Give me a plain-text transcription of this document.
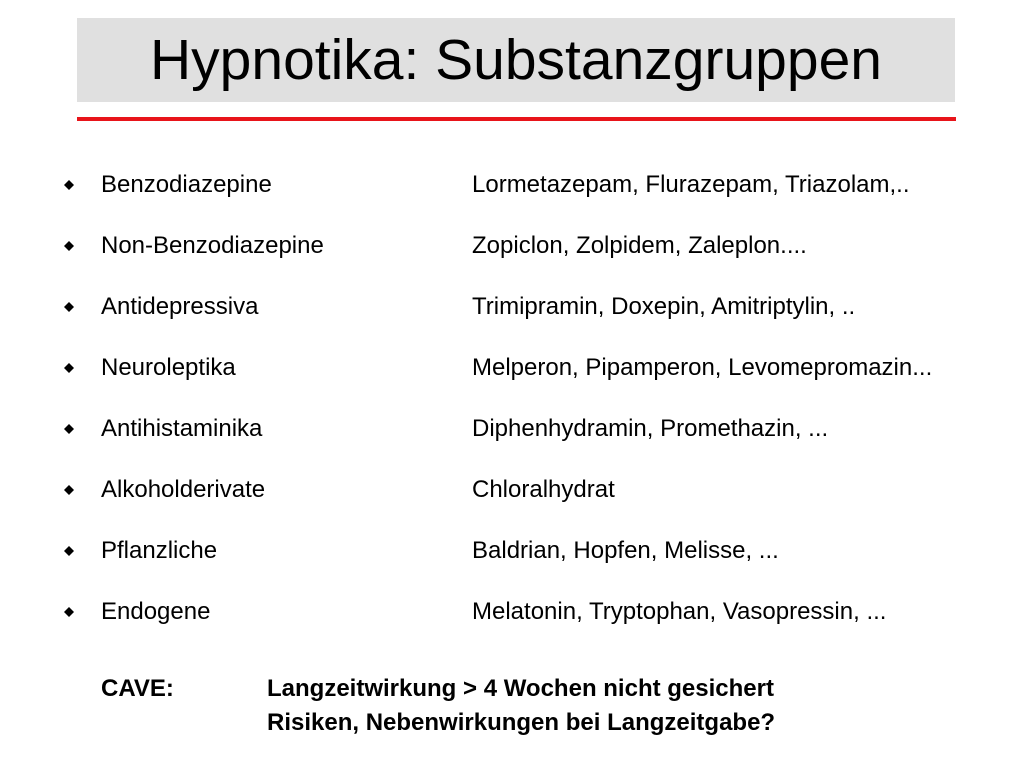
Hypnotika: Substanzgruppen
Benzodiazepine	Lormetazepam, Flurazepam, Triazolam,..
Non-Benzodiazepine	Zopiclon, Zolpidem, Zaleplon....
Antidepressiva	Trimipramin, Doxepin, Amitriptylin, ..
Neuroleptika	Melperon, Pipamperon, Levomepromazin...
Antihistaminika	Diphenhydramin, Promethazin, ...
Alkoholderivate	Chloralhydrat
Pflanzliche	Baldrian, Hopfen, Melisse, ...
Endogene	Melatonin, Tryptophan, Vasopressin, ...
CAVE:	Langzeitwirkung > 4 Wochen nicht gesichert
Risiken, Nebenwirkungen bei Langzeitgabe?
